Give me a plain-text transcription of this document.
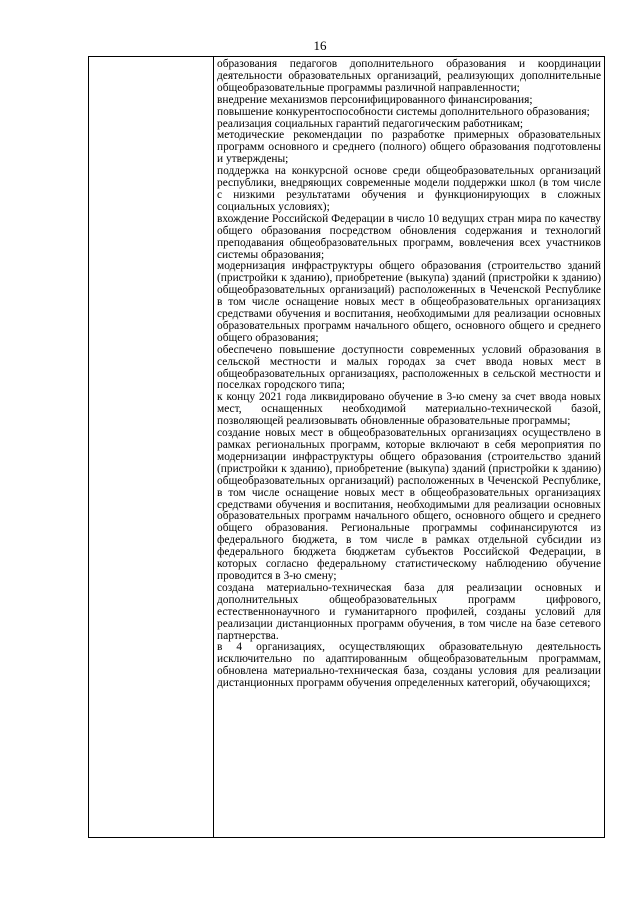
16

образования педагогов дополнительного образования и координации деятельности образовательных организаций, реализующих дополнительные общеобразовательные программы различной направленности;

внедрение механизмов персонифицированного финансирования;

повышение конкурентоспособности системы дополнительного образования;

реализация социальных гарантий педагогическим работникам;

методические рекомендации по разработке примерных образовательных программ основного и среднего (полного) общего образования подготовлены и утверждены;

поддержка на конкурсной основе среди общеобразовательных организаций республики, внедряющих современные модели поддержки школ (в том числе с низкими результатами обучения и функционирующих в сложных социальных условиях);

вхождение Российской Федерации в число 10 ведущих стран мира по качеству общего образования посредством обновления содержания и технологий преподавания общеобразовательных программ, вовлечения всех участников системы образования;

модернизация инфраструктуры общего образования (строительство зданий (пристройки к зданию), приобретение (выкупа) зданий (пристройки к зданию) общеобразовательных организаций) расположенных в Чеченской Республике в том числе оснащение новых мест в общеобразовательных организациях средствами обучения и воспитания, необходимыми для реализации основных образовательных программ начального общего, основного общего и среднего общего образования;

обеспечено повышение доступности современных условий образования в сельской местности и малых городах за счет ввода новых мест в общеобразовательных организациях, расположенных в сельской местности и поселках городского типа;

к концу 2021 года ликвидировано обучение в 3-ю смену за счет ввода новых мест, оснащенных необходимой материально-технической базой, позволяющей реализовывать обновленные образовательные программы;

создание новых мест в общеобразовательных организациях осуществлено в рамках региональных программ, которые включают в себя мероприятия по модернизации инфраструктуры общего образования (строительство зданий (пристройки к зданию), приобретение (выкупа) зданий (пристройки к зданию) общеобразовательных организаций) расположенных в Чеченской Республике, в том числе оснащение новых мест в общеобразовательных организациях средствами обучения и воспитания, необходимыми для реализации основных образовательных программ начального общего, основного общего и среднего общего образования. Региональные программы софинансируются из федерального бюджета, в том числе в рамках отдельной субсидии из федерального бюджета бюджетам субъектов Российской Федерации, в которых согласно федеральному статистическому наблюдению обучение проводится в 3-ю смену;

создана материально-техническая база для реализации основных и дополнительных общеобразовательных программ цифрового, естественнонаучного и гуманитарного профилей, созданы условий для реализации дистанционных программ обучения, в том числе на базе сетевого партнерства.

в 4 организациях, осуществляющих образовательную деятельность исключительно по адаптированным общеобразовательным программам, обновлена материально-техническая база, созданы условия для реализации дистанционных программ обучения определенных категорий, обучающихся;
